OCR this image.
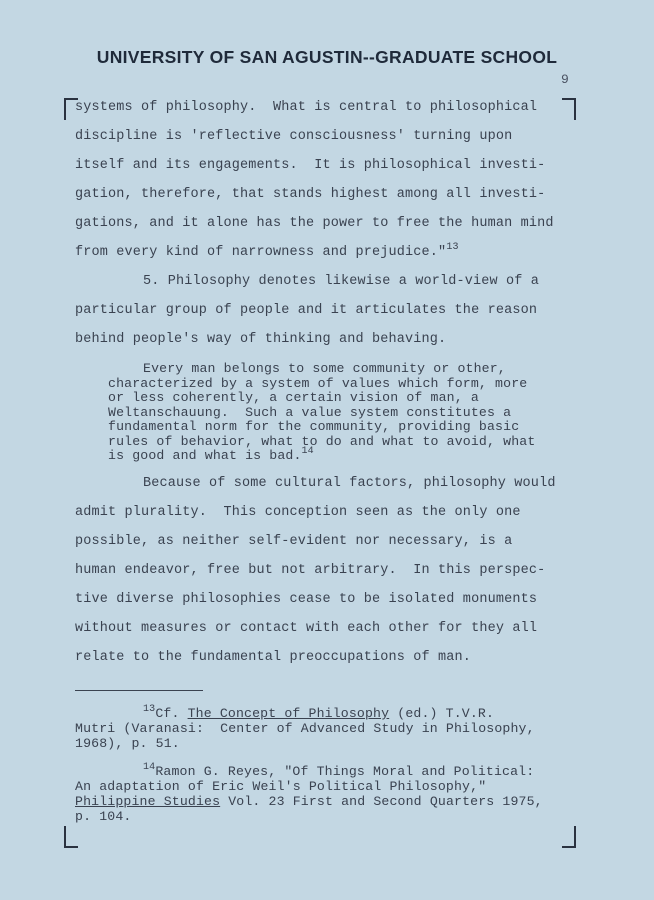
UNIVERSITY OF SAN AGUSTIN--GRADUATE SCHOOL
9
systems of philosophy.  What is central to philosophical
discipline is 'reflective consciousness' turning upon
itself and its engagements.  It is philosophical investi-
gation, therefore, that stands highest among all investi-
gations, and it alone has the power to free the human mind
from every kind of narrowness and prejudice."$^{13}$
5. Philosophy denotes likewise a world-view of a
particular group of people and it articulates the reason
behind people's way of thinking and behaving.
Every man belongs to some community or other,
characterized by a system of values which form, more
or less coherently, a certain vision of man, a
Weltanschauung.  Such a value system constitutes a
fundamental norm for the community, providing basic
rules of behavior, what to do and what to avoid, what
is good and what is bad.$^{14}$
Because of some cultural factors, philosophy would
admit plurality.  This conception seen as the only one
possible, as neither self-evident nor necessary, is a
human endeavor, free but not arbitrary.  In this perspec-
tive diverse philosophies cease to be isolated monuments
without measures or contact with each other for they all
relate to the fundamental preoccupations of man.
$^{13}$Cf. The Concept of Philosophy (ed.) T.V.R.
Mutri (Varanasi:  Center of Advanced Study in Philosophy,
1968), p. 51.
$^{14}$Ramon G. Reyes, "Of Things Moral and Political:
An adaptation of Eric Weil's Political Philosophy,"
Philippine Studies Vol. 23 First and Second Quarters 1975,
p. 104.
